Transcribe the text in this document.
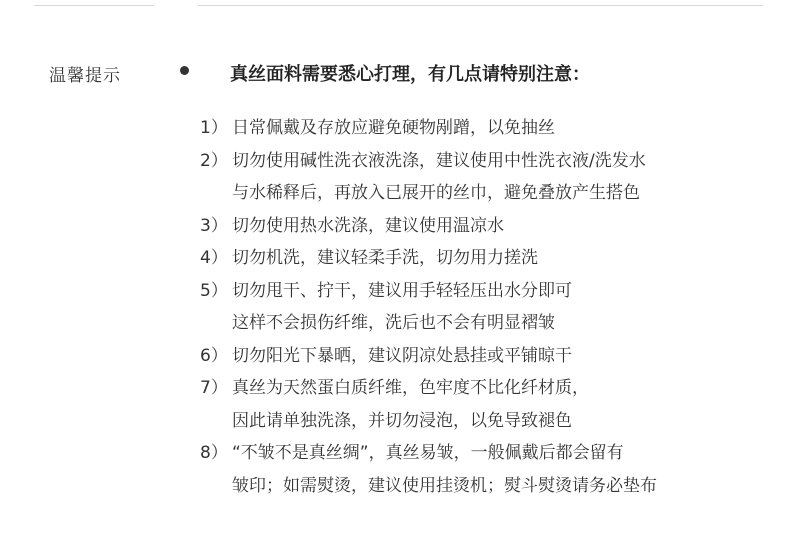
温馨提示	真丝面料需要悉心打理，有几点请特别注意：
1） 日常佩戴及存放应避免硬物剐蹭，以免抽丝
2） 切勿使用碱性洗衣液洗涤，建议使用中性洗衣液/洗发水
与水稀释后，再放入已展开的丝巾，避免叠放产生搭色
3） 切勿使用热水洗涤，建议使用温凉水
4） 切勿机洗，建议轻柔手洗，切勿用力搓洗
5） 切勿甩干、拧干，建议用手轻轻压出水分即可
这样不会损伤纤维，洗后也不会有明显褶皱
6） 切勿阳光下暴晒，建议阴凉处悬挂或平铺晾干
7） 真丝为天然蛋白质纤维，色牢度不比化纤材质，
因此请单独洗涤，并切勿浸泡，以免导致褪色
8） “不皱不是真丝绸”，真丝易皱，一般佩戴后都会留有
皱印；如需熨烫，建议使用挂烫机；熨斗熨烫请务必垫布
